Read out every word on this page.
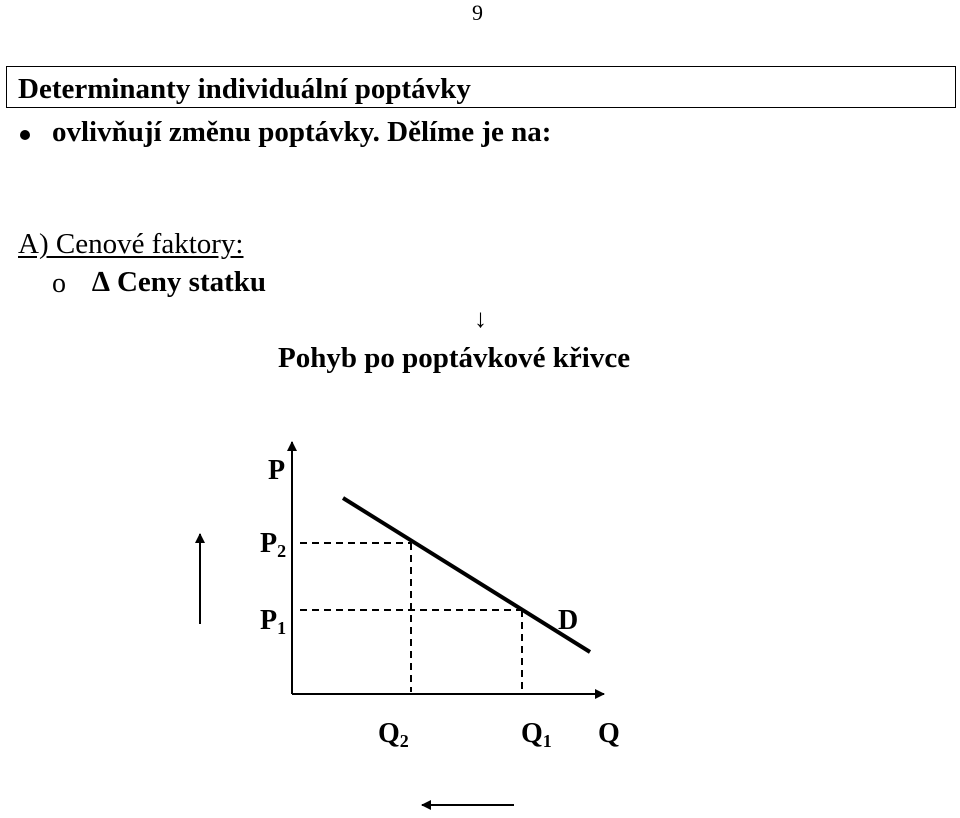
9
Determinanty individuální poptávky
ovlivňují změnu poptávky. Dělíme je na:
A) Cenové faktory:
o ∆ Ceny statku
↓
Pohyb po poptávkové křivce
P
$P_2$
$P_1$	D
$Q_2$	$Q_1$ Q
